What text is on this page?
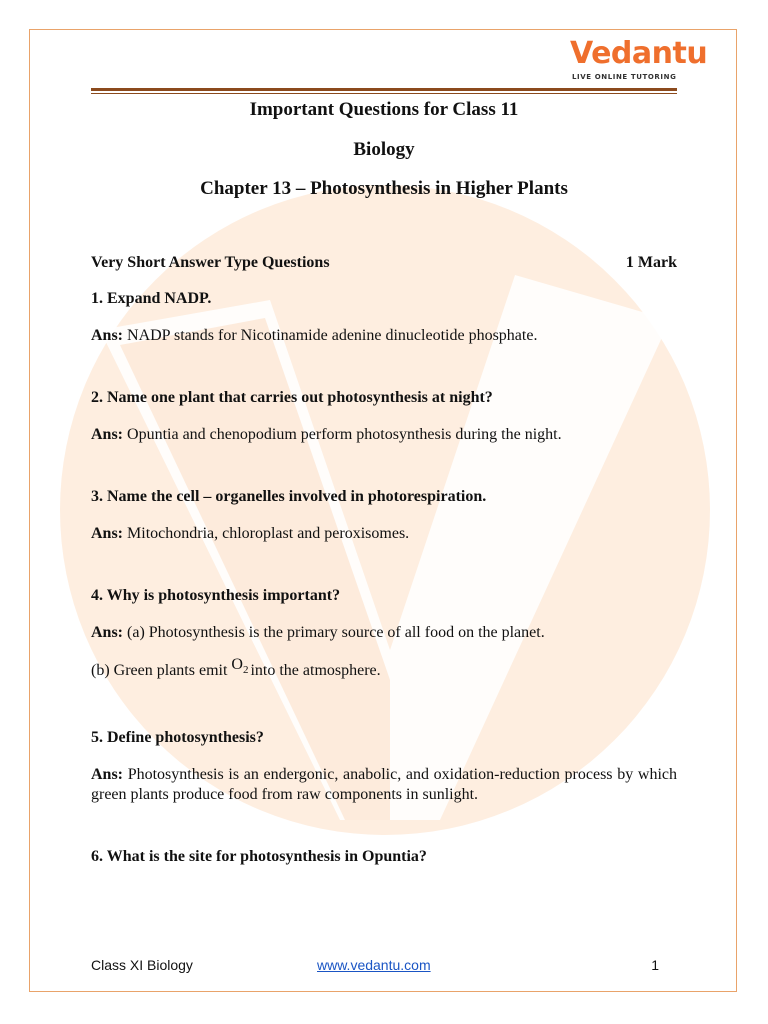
Vedantu
LIVE ONLINE TUTORING
Important Questions for Class 11
Biology
Chapter 13 – Photosynthesis in Higher Plants
Very Short Answer Type Questions	1 Mark
1. Expand NADP.
Ans: NADP stands for Nicotinamide adenine dinucleotide phosphate.
2. Name one plant that carries out photosynthesis at night?
Ans: Opuntia and chenopodium perform photosynthesis during the night.
3. Name the cell – organelles involved in photorespiration.
Ans: Mitochondria, chloroplast and peroxisomes.
4. Why is photosynthesis important?
Ans: (a) Photosynthesis is the primary source of all food on the planet.
(b) Green plants emit $O_2$ into the atmosphere.
5. Define photosynthesis?
Ans: Photosynthesis is an endergonic, anabolic, and oxidation-reduction process by which green plants produce food from raw components in sunlight.
6. What is the site for photosynthesis in Opuntia?
Class XI Biology	www.vedantu.com	1
